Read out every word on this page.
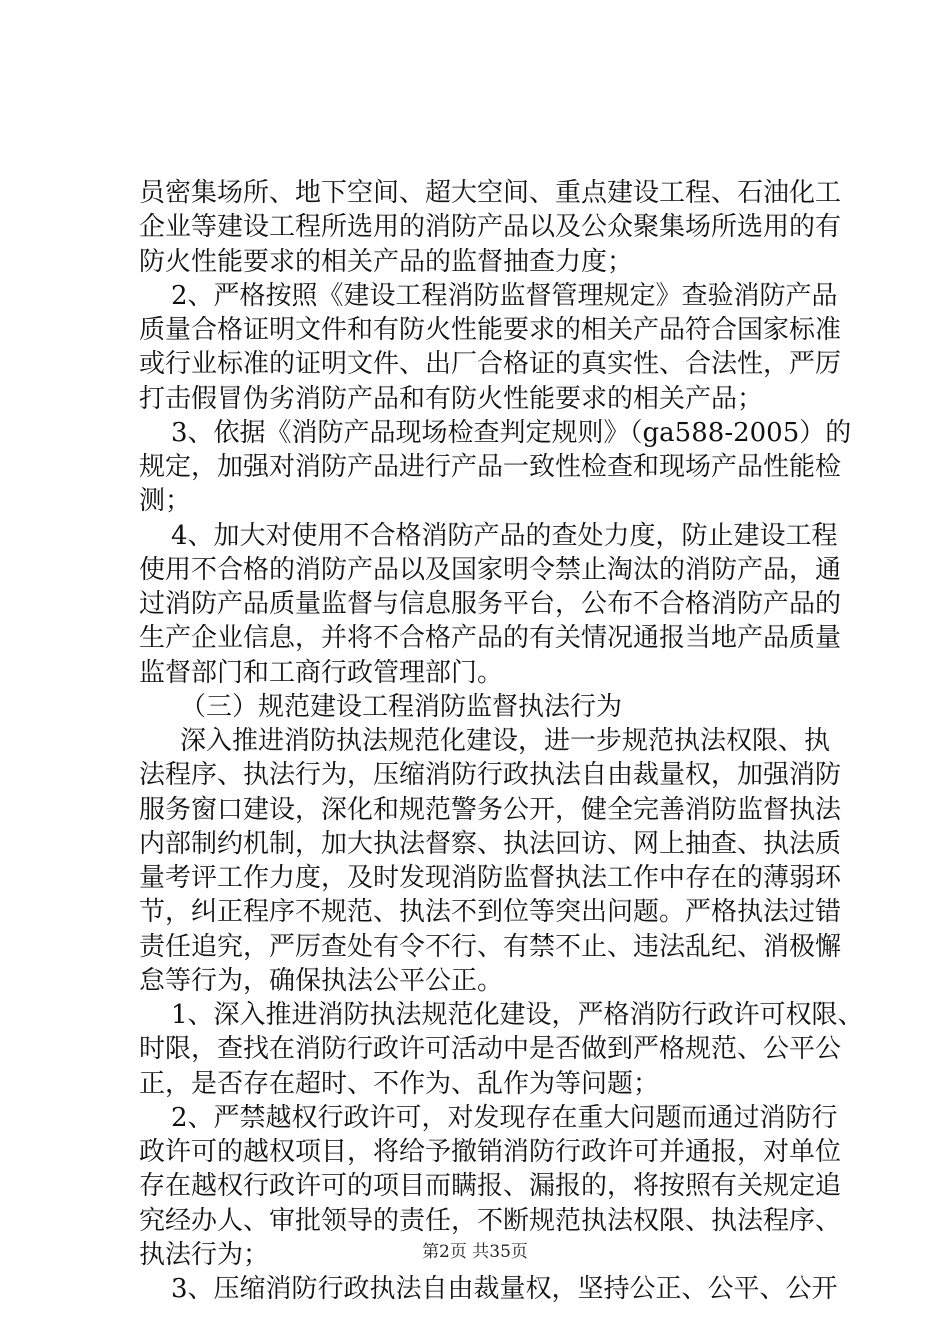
员密集场所、地下空间、超大空间、重点建设工程、石油化工
企业等建设工程所选用的消防产品以及公众聚集场所选用的有
防火性能要求的相关产品的监督抽查力度；
2、严格按照《建设工程消防监督管理规定》查验消防产品
质量合格证明文件和有防火性能要求的相关产品符合国家标准
或行业标准的证明文件、出厂合格证的真实性、合法性，严厉
打击假冒伪劣消防产品和有防火性能要求的相关产品；
3、依据《消防产品现场检查判定规则》（ga588-2005）的
规定，加强对消防产品进行产品一致性检查和现场产品性能检
测；
4、加大对使用不合格消防产品的查处力度，防止建设工程
使用不合格的消防产品以及国家明令禁止淘汰的消防产品，通
过消防产品质量监督与信息服务平台，公布不合格消防产品的
生产企业信息，并将不合格产品的有关情况通报当地产品质量
监督部门和工商行政管理部门。
（三）规范建设工程消防监督执法行为
深入推进消防执法规范化建设，进一步规范执法权限、执
法程序、执法行为，压缩消防行政执法自由裁量权，加强消防
服务窗口建设，深化和规范警务公开，健全完善消防监督执法
内部制约机制，加大执法督察、执法回访、网上抽查、执法质
量考评工作力度，及时发现消防监督执法工作中存在的薄弱环
节，纠正程序不规范、执法不到位等突出问题。严格执法过错
责任追究，严厉查处有令不行、有禁不止、违法乱纪、消极懈
怠等行为，确保执法公平公正。
1、深入推进消防执法规范化建设，严格消防行政许可权限、
时限，查找在消防行政许可活动中是否做到严格规范、公平公
正，是否存在超时、不作为、乱作为等问题；
2、严禁越权行政许可，对发现存在重大问题而通过消防行
政许可的越权项目，将给予撤销消防行政许可并通报，对单位
存在越权行政许可的项目而瞒报、漏报的，将按照有关规定追
究经办人、审批领导的责任，不断规范执法权限、执法程序、
执法行为；
3、压缩消防行政执法自由裁量权，坚持公正、公平、公开
第2页 共35页
